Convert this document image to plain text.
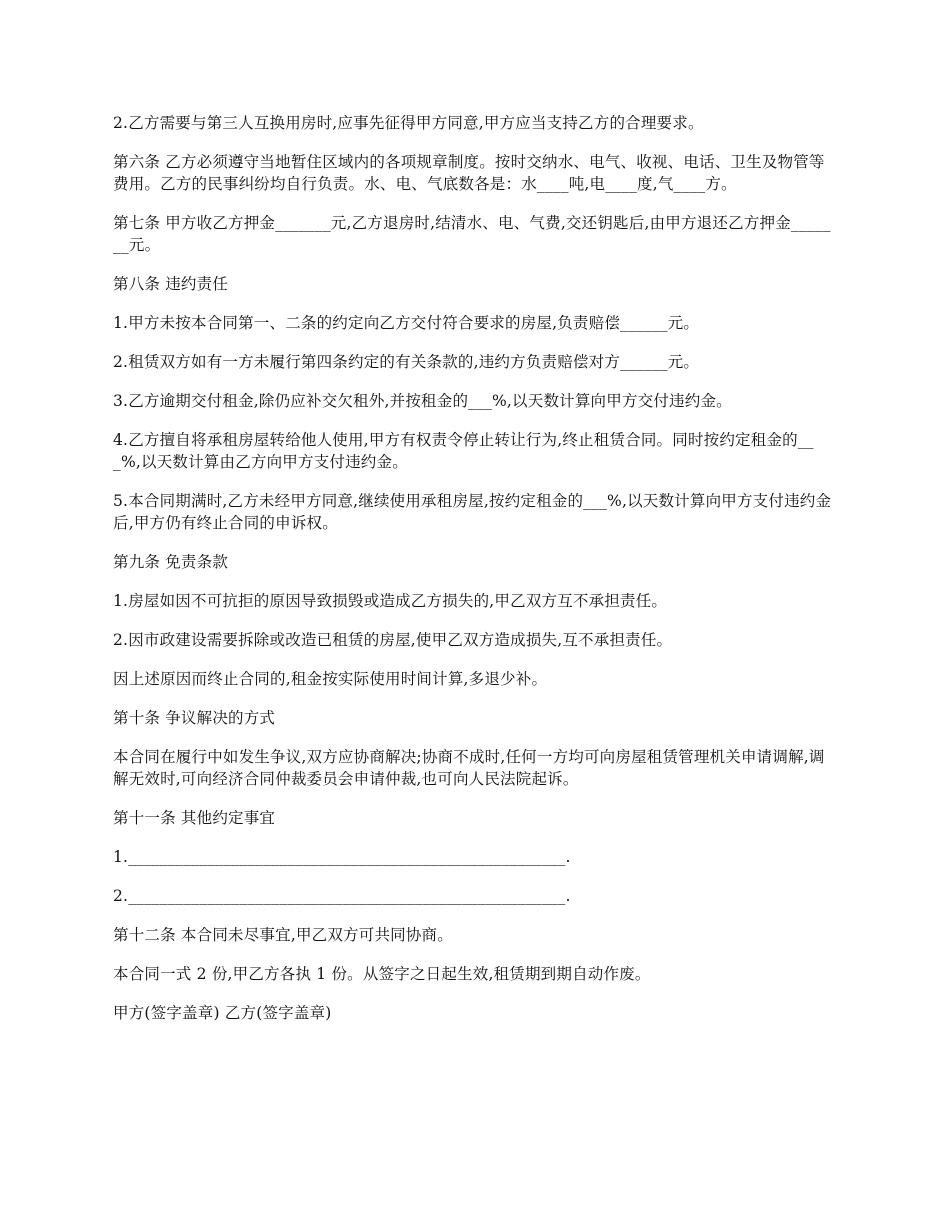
2.乙方需要与第三人互换用房时,应事先征得甲方同意,甲方应当支持乙方的合理要求。

第六条 乙方必须遵守当地暂住区域内的各项规章制度。按时交纳水、电气、收视、电话、卫生及物管等费用。乙方的民事纠纷均自行负责。水、电、气底数各是：水____吨,电____度,气____方。

第七条 甲方收乙方押金_______元,乙方退房时,结清水、电、气费,交还钥匙后,由甲方退还乙方押金_______元。

第八条 违约责任

1.甲方未按本合同第一、二条的约定向乙方交付符合要求的房屋,负责赔偿______元。

2.租赁双方如有一方未履行第四条约定的有关条款的,违约方负责赔偿对方______元。

3.乙方逾期交付租金,除仍应补交欠租外,并按租金的___%,以天数计算向甲方交付违约金。

4.乙方擅自将承租房屋转给他人使用,甲方有权责令停止转让行为,终止租赁合同。同时按约定租金的___%,以天数计算由乙方向甲方支付违约金。

5.本合同期满时,乙方未经甲方同意,继续使用承租房屋,按约定租金的___%,以天数计算向甲方支付违约金后,甲方仍有终止合同的申诉权。

第九条 免责条款

1.房屋如因不可抗拒的原因导致损毁或造成乙方损失的,甲乙双方互不承担责任。

2.因市政建设需要拆除或改造已租赁的房屋,使甲乙双方造成损失,互不承担责任。

因上述原因而终止合同的,租金按实际使用时间计算,多退少补。

第十条 争议解决的方式

本合同在履行中如发生争议,双方应协商解决;协商不成时,任何一方均可向房屋租赁管理机关申请调解,调解无效时,可向经济合同仲裁委员会申请仲裁,也可向人民法院起诉。

第十一条 其他约定事宜

1._______________________________________________________.

2._______________________________________________________.

第十二条 本合同未尽事宜,甲乙双方可共同协商。

本合同一式 2 份,甲乙方各执 1 份。从签字之日起生效,租赁期到期自动作废。

甲方(签字盖章) 乙方(签字盖章)
